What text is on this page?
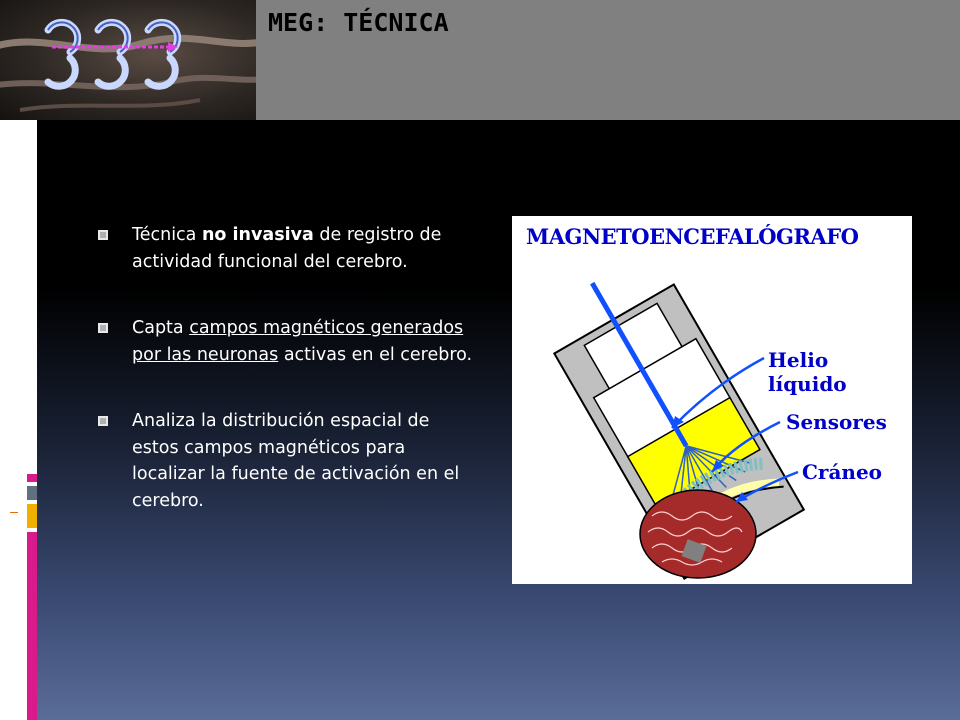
MEG: TÉCNICA
Técnica no invasiva de registro de actividad funcional del cerebro.
Capta campos magnéticos generados por las neuronas activas en el cerebro.
Analiza la distribución espacial de estos campos magnéticos para localizar la fuente de activación en el cerebro.

MAGNETOENCEFALÓGRAFO

Helio líquido
Sensores
Cráneo
